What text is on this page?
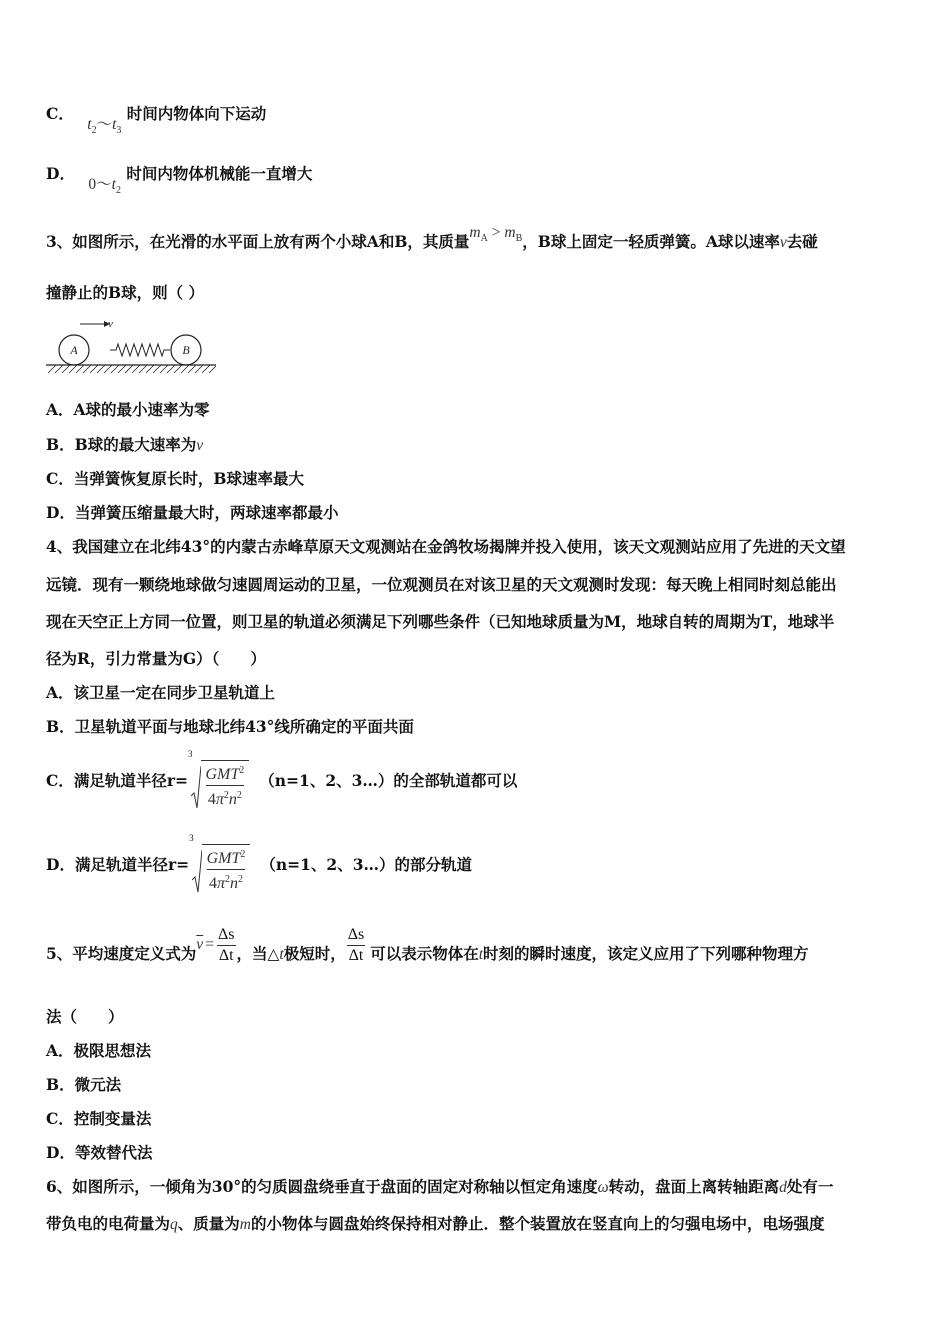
C． $t_2\sim t_3$ 时间内物体向下运动
D． $0\sim t_2$ 时间内物体机械能一直增大
3、如图所示，在光滑的水平面上放有两个小球A和B，其质量$m_A > m_B$，B球上固定一轻质弹簧。A球以速率v去碰
撞静止的B球，则（ ）
v
A	B
A．A球的最小速率为零
B．B球的最大速率为v
C．当弹簧恢复原长时，B球速率最大
D．当弹簧压缩量最大时，两球速率都最小
4、我国建立在北纬43°的内蒙古赤峰草原天文观测站在金鸽牧场揭牌并投入使用，该天文观测站应用了先进的天文望
远镜．现有一颗绕地球做匀速圆周运动的卫星，一位观测员在对该卫星的天文观测时发现：每天晚上相同时刻总能出
现在天空正上方同一位置，则卫星的轨道必须满足下列哪些条件（已知地球质量为M，地球自转的周期为T，地球半
径为R，引力常量为G）（　　）
A．该卫星一定在同步卫星轨道上
B．卫星轨道平面与地球北纬43°线所确定的平面共面
C．满足轨道半径r=
3
$\frac{GMT^2}{4\pi^2n^2} (n=1$、2、3…）的全部轨道都可以
D．满足轨道半径r=
3
$\frac{GMT^2}{4\pi^2n^2} (n=1$、2、3…）的部分轨道
5、平均速度定义式为$\overline{v} = \frac{\Delta s}{\Delta t}$ ，当△t极短时， $\frac{\Delta s}{\Delta t}$ 可以表示物体在t时刻的瞬时速度，该定义应用了下列哪种物理方
法（　　）
A．极限思想法
B．微元法
C．控制变量法
D．等效替代法
6、如图所示，一倾角为30°的匀质圆盘绕垂直于盘面的固定对称轴以恒定角速度ω转动，盘面上离转轴距离d处有一
带负电的电荷量为q、质量为m的小物体与圆盘始终保持相对静止．整个装置放在竖直向上的匀强电场中，电场强度
